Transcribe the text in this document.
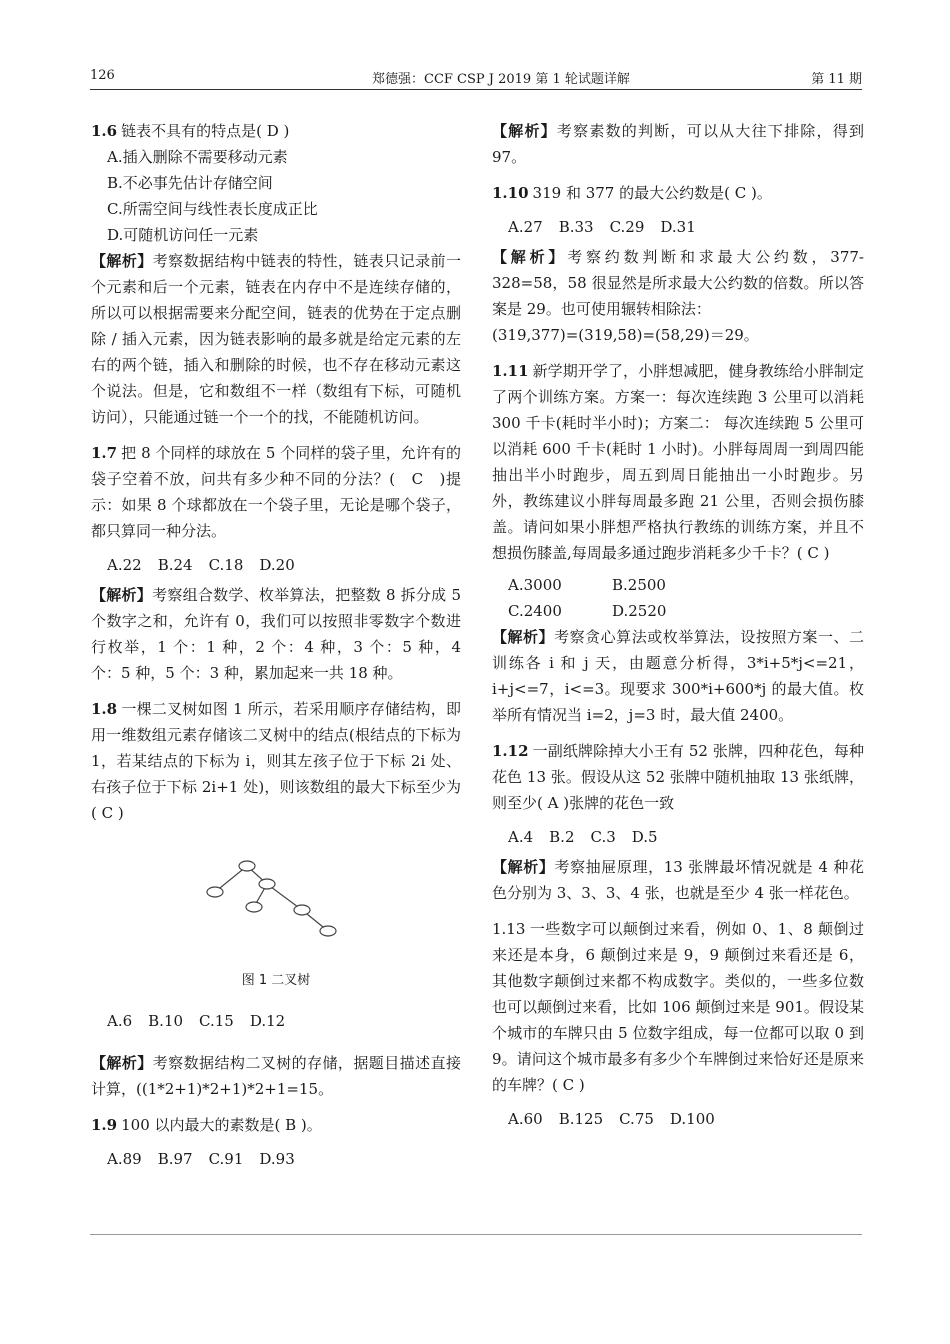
126	郑德强：CCF CSP J 2019 第 1 轮试题详解	第 11 期

1.6 链表不具有的特点是( D )

A.插入删除不需要移动元素

B.不必事先估计存储空间

C.所需空间与线性表长度成正比

D.可随机访问任一元素

【解析】考察数据结构中链表的特性，链表只记录前一个元素和后一个元素，链表在内存中不是连续存储的，所以可以根据需要来分配空间，链表的优势在于定点删除 / 插入元素，因为链表影响的最多就是给定元素的左右的两个链，插入和删除的时候，也不存在移动元素这个说法。但是，它和数组不一样（数组有下标，可随机访问），只能通过链一个一个的找，不能随机访问。

1.7 把 8 个同样的球放在 5 个同样的袋子里，允许有的袋子空着不放，问共有多少种不同的分法？(　C　)提示：如果 8 个球都放在一个袋子里，无论是哪个袋子，都只算同一种分法。

A.22 B.24 C.18 D.20

【解析】考察组合数学、枚举算法，把整数 8 拆分成 5 个数字之和，允许有 0，我们可以按照非零数字个数进行枚举，1 个：1 种，2 个：4 种，3 个：5 种，4 个：5 种，5 个：3 种，累加起来一共 18 种。

1.8 一棵二叉树如图 1 所示，若采用顺序存储结构，即用一维数组元素存储该二叉树中的结点(根结点的下标为 1，若某结点的下标为 i，则其左孩子位于下标 2i 处、右孩子位于下标 2i+1 处)，则该数组的最大下标至少为( C )

图 1 二叉树

A.6 B.10 C.15 D.12

【解析】考察数据结构二叉树的存储，据题目描述直接计算，((1*2+1)*2+1)*2+1=15。

1.9 100 以内最大的素数是( B )。

A.89 B.97 C.91 D.93

【解析】考察素数的判断，可以从大往下排除，得到 97。

1.10 319 和 377 的最大公约数是( C )。

A.27 B.33 C.29 D.31

【解析】考察约数判断和求最大公约数，377-328=58，58 很显然是所求最大公约数的倍数。所以答案是 29。也可使用辗转相除法：

(319,377)=(319,58)=(58,29)＝29。

1.11 新学期开学了，小胖想减肥，健身教练给小胖制定了两个训练方案。方案一：每次连续跑 3 公里可以消耗 300 千卡(耗时半小时)；方案二： 每次连续跑 5 公里可以消耗 600 千卡(耗时 1 小时)。小胖每周周一到周四能抽出半小时跑步，周五到周日能抽出一小时跑步。另外，教练建议小胖每周最多跑 21 公里，否则会损伤膝盖。请问如果小胖想严格执行教练的训练方案，并且不想损伤膝盖,每周最多通过跑步消耗多少千卡？( C )

A.3000	B.2500
C.2400	D.2520

【解析】考察贪心算法或枚举算法，设按照方案一、二训练各 i 和 j 天，由题意分析得，3*i+5*j<=21，i+j<=7，i<=3。现要求 300*i+600*j 的最大值。枚举所有情况当 i=2，j=3 时，最大值 2400。

1.12 一副纸牌除掉大小王有 52 张牌，四种花色，每种花色 13 张。假设从这 52 张牌中随机抽取 13 张纸牌，则至少( A )张牌的花色一致

A.4 B.2 C.3 D.5

【解析】考察抽屉原理，13 张牌最坏情况就是 4 种花色分别为 3、3、3、4 张，也就是至少 4 张一样花色。

1.13 一些数字可以颠倒过来看，例如 0、1、8 颠倒过来还是本身，6 颠倒过来是 9，9 颠倒过来看还是 6，其他数字颠倒过来都不构成数字。类似的，一些多位数也可以颠倒过来看，比如 106 颠倒过来是 901。假设某个城市的车牌只由 5 位数字组成，每一位都可以取 0 到 9。请问这个城市最多有多少个车牌倒过来恰好还是原来的车牌？( C )

A.60 B.125 C.75 D.100
